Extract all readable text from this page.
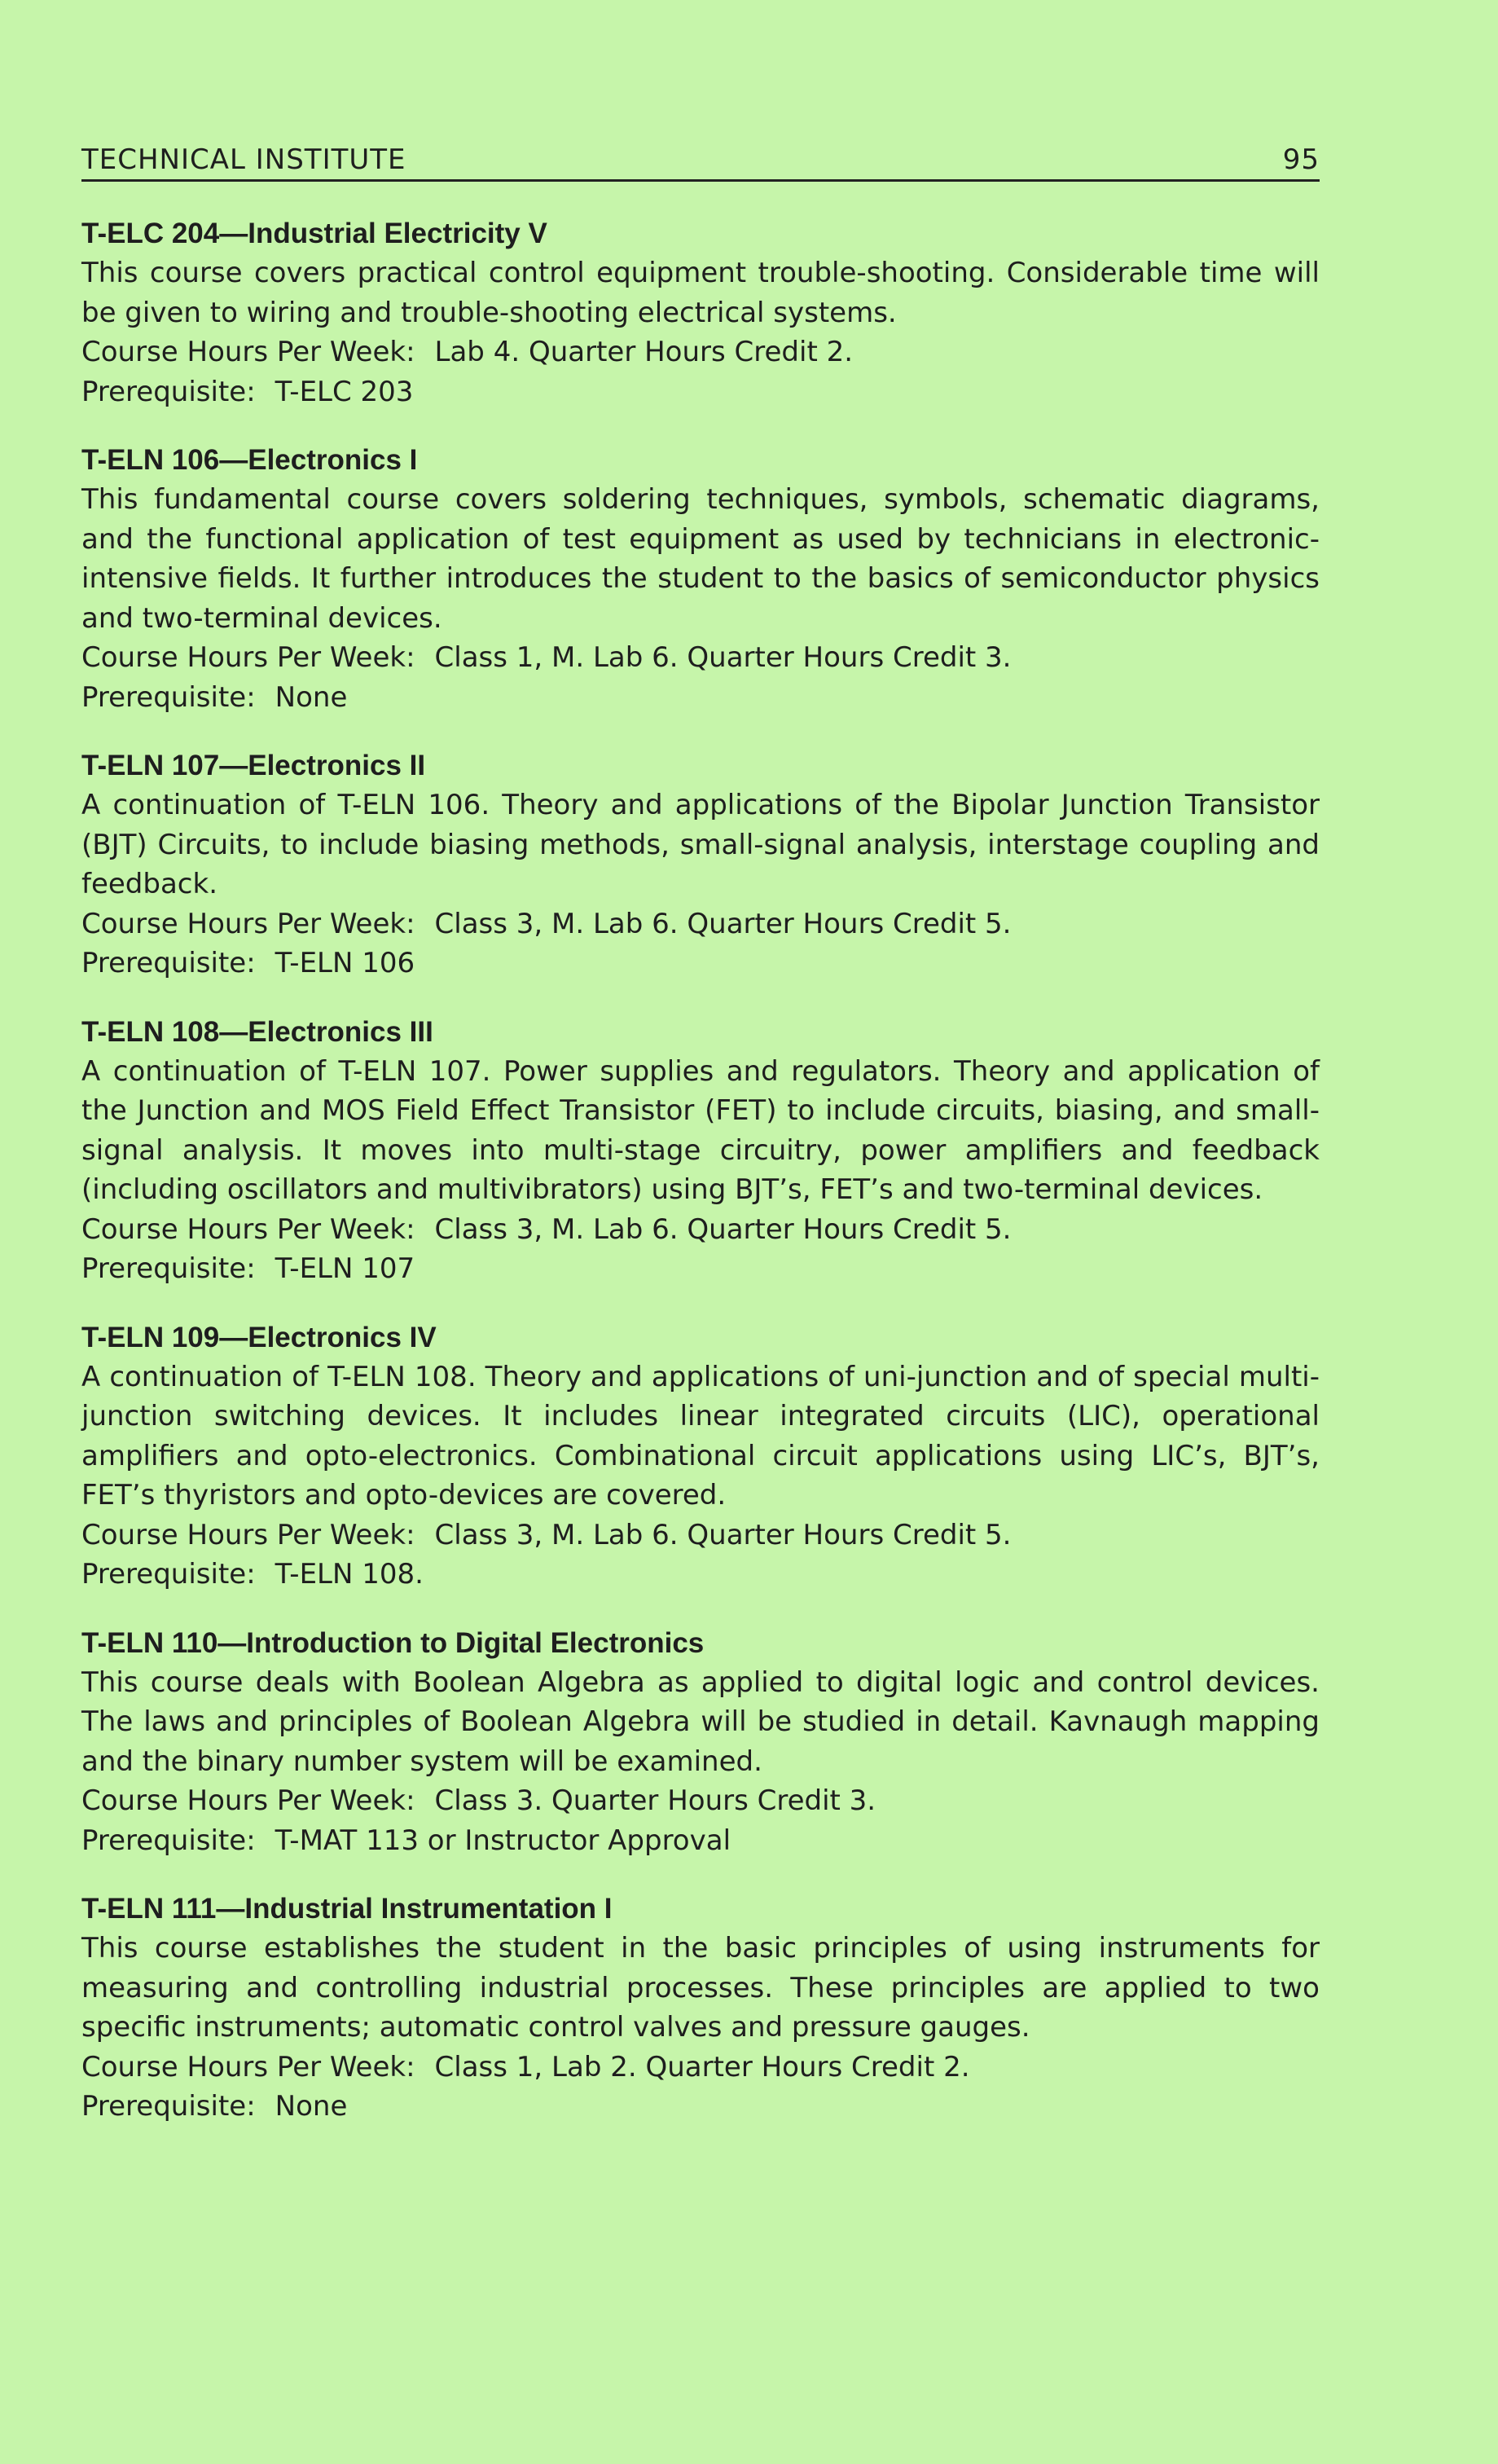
TECHNICAL INSTITUTE	95
T-ELC 204—Industrial Electricity V

This course covers practical control equipment trouble-shooting. Considerable time will be given to wiring and trouble-shooting electrical systems.

Course Hours Per Week: Lab 4. Quarter Hours Credit 2.
Prerequisite: T-ELC 203
T-ELN 106—Electronics I

This fundamental course covers soldering techniques, symbols, schematic diagrams, and the functional application of test equipment as used by technicians in electronic-intensive fields. It further introduces the student to the basics of semiconductor physics and two-terminal devices.

Course Hours Per Week: Class 1, M. Lab 6. Quarter Hours Credit 3.
Prerequisite: None
T-ELN 107—Electronics II

A continuation of T-ELN 106. Theory and applications of the Bipolar Junction Transistor (BJT) Circuits, to include biasing methods, small-signal analysis, interstage coupling and feedback.

Course Hours Per Week: Class 3, M. Lab 6. Quarter Hours Credit 5.
Prerequisite: T-ELN 106
T-ELN 108—Electronics III

A continuation of T-ELN 107. Power supplies and regulators. Theory and application of the Junction and MOS Field Effect Transistor (FET) to include circuits, biasing, and small-signal analysis. It moves into multi-stage circuitry, power amplifiers and feedback (including oscillators and multivibrators) using BJT’s, FET’s and two-terminal devices.

Course Hours Per Week: Class 3, M. Lab 6. Quarter Hours Credit 5.
Prerequisite: T-ELN 107
T-ELN 109—Electronics IV

A continuation of T-ELN 108. Theory and applications of uni-junction and of special multi-junction switching devices. It includes linear integrated circuits (LIC), operational amplifiers and opto-electronics. Combinational circuit applications using LIC’s, BJT’s, FET’s thyristors and opto-devices are covered.

Course Hours Per Week: Class 3, M. Lab 6. Quarter Hours Credit 5.
Prerequisite: T-ELN 108.
T-ELN 110—Introduction to Digital Electronics

This course deals with Boolean Algebra as applied to digital logic and control devices. The laws and principles of Boolean Algebra will be studied in detail. Kavnaugh mapping and the binary number system will be examined.

Course Hours Per Week: Class 3. Quarter Hours Credit 3.
Prerequisite: T-MAT 113 or Instructor Approval
T-ELN 111—Industrial Instrumentation I

This course establishes the student in the basic principles of using instruments for measuring and controlling industrial processes. These principles are applied to two specific instruments; automatic control valves and pressure gauges.

Course Hours Per Week: Class 1, Lab 2. Quarter Hours Credit 2.
Prerequisite: None
